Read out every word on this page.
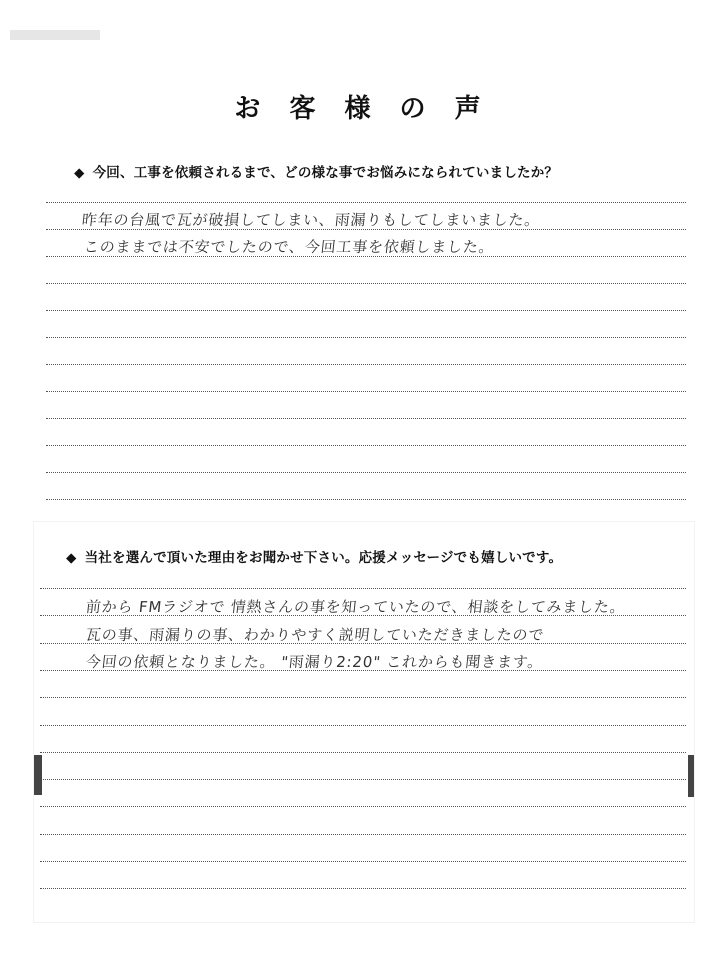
お 客 様 の 声
◆ 今回、工事を依頼されるまで、どの様な事でお悩みになられていましたか？
昨年の台風で瓦が破損してしまい、雨漏りもしてしまいました。
このままでは不安でしたので、今回工事を依頼しました。
◆ 当社を選んで頂いた理由をお聞かせ下さい。応援メッセージでも嬉しいです。
前から FMラジオで 情熱さんの事を知っていたので、相談をしてみました。
瓦の事、雨漏りの事、わかりやすく説明していただきましたので
今回の依頼となりました。 "雨漏り2:20" これからも聞きます。
